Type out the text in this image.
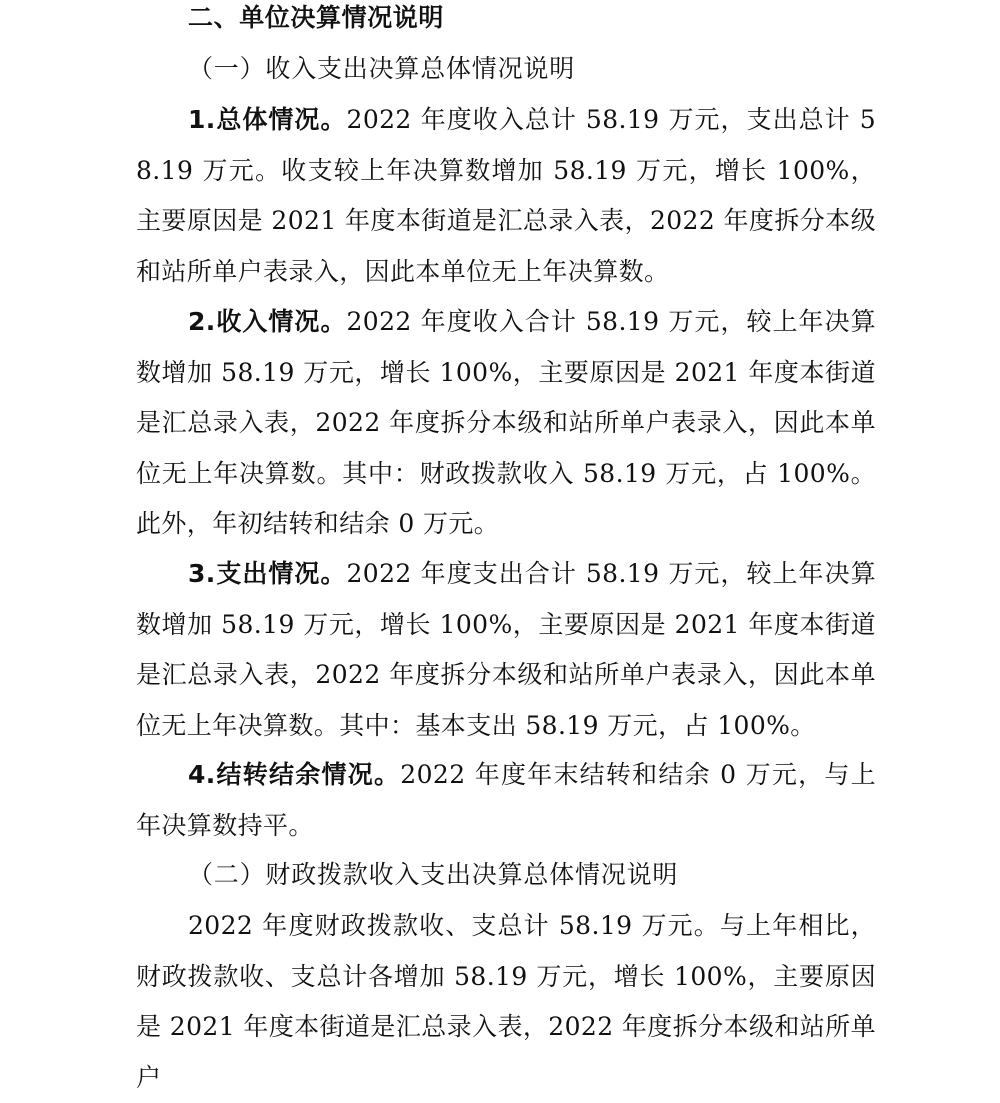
二、单位决算情况说明
（一）收入支出决算总体情况说明
1.总体情况。2022 年度收入总计 58.19 万元，支出总计 58.19 万元。收支较上年决算数增加 58.19 万元，增长 100%，主要原因是 2021 年度本街道是汇总录入表，2022 年度拆分本级和站所单户表录入，因此本单位无上年决算数。
2.收入情况。2022 年度收入合计 58.19 万元，较上年决算数增加 58.19 万元，增长 100%，主要原因是 2021 年度本街道是汇总录入表，2022 年度拆分本级和站所单户表录入，因此本单位无上年决算数。其中：财政拨款收入 58.19 万元，占 100%。此外，年初结转和结余 0 万元。
3.支出情况。2022 年度支出合计 58.19 万元，较上年决算数增加 58.19 万元，增长 100%，主要原因是 2021 年度本街道是汇总录入表，2022 年度拆分本级和站所单户表录入，因此本单位无上年决算数。其中：基本支出 58.19 万元，占 100%。
4.结转结余情况。2022 年度年末结转和结余 0 万元，与上年决算数持平。
（二）财政拨款收入支出决算总体情况说明
2022 年度财政拨款收、支总计 58.19 万元。与上年相比，财政拨款收、支总计各增加 58.19 万元，增长 100%，主要原因是 2021 年度本街道是汇总录入表，2022 年度拆分本级和站所单户
